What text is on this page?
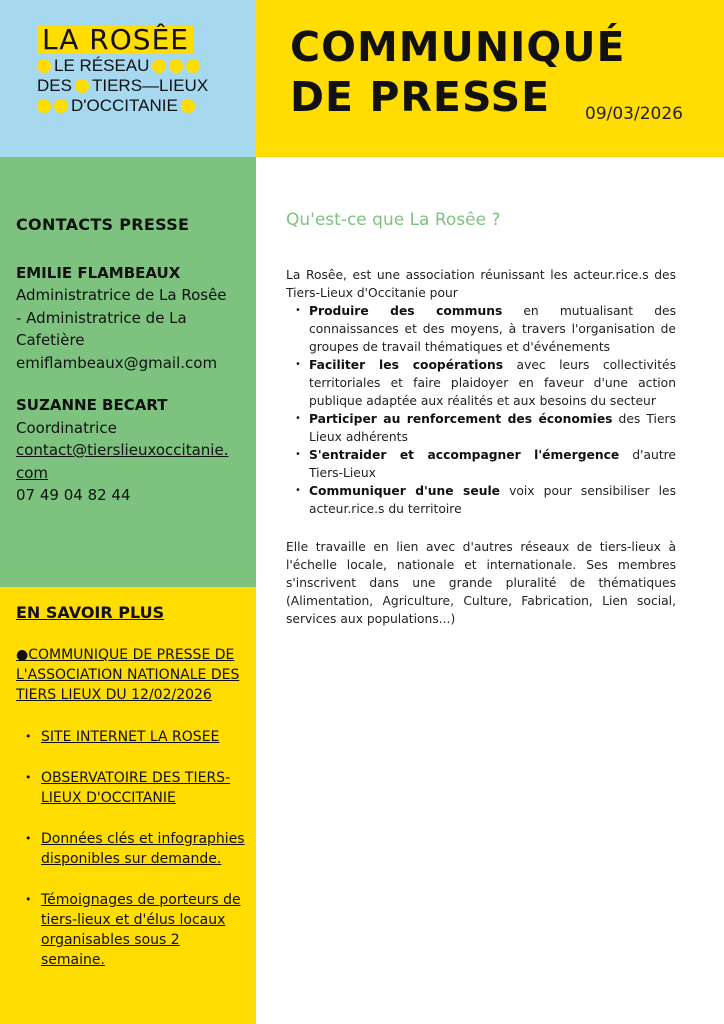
LA ROSÊE
LE RÉSEAU
DES TIERS—LIEUX
D'OCCITANIE
COMMUNIQUÉ
DE PRESSE	09/03/2026
CONTACTS PRESSE
EMILIE FLAMBEAUX
Administratrice de La Rosêe
- Administratrice de La
Cafetière
emiflambeaux@gmail.com
SUZANNE BECART
Coordinatrice
contact@tierslieuxoccitanie.
com
07 49 04 82 44
EN SAVOIR PLUS
●COMMUNIQUE DE PRESSE DE L'ASSOCIATION NATIONALE DES TIERS LIEUX DU 12/02/2026
• SITE INTERNET LA ROSEE
• OBSERVATOIRE DES TIERS-LIEUX D'OCCITANIE
• Données clés et infographies disponibles sur demande.
• Témoignages de porteurs de tiers-lieux et d'élus locaux organisables sous 2 semaine.
Qu'est-ce que La Rosêe ?

La Rosêe, est une association réunissant les acteur.rice.s des Tiers-Lieux d'Occitanie pour

• Produire des communs en mutualisant des connaissances et des moyens, à travers l'organisation de groupes de travail thématiques et d'événements
• Faciliter les coopérations avec leurs collectivités territoriales et faire plaidoyer en faveur d'une action publique adaptée aux réalités et aux besoins du secteur
• Participer au renforcement des économies des Tiers Lieux adhérents
• S'entraider et accompagner l'émergence d'autre Tiers-Lieux
• Communiquer d'une seule voix pour sensibiliser les acteur.rice.s du territoire

Elle travaille en lien avec d'autres réseaux de tiers-lieux à l'échelle locale, nationale et internationale. Ses membres s'inscrivent dans une grande pluralité de thématiques (Alimentation, Agriculture, Culture, Fabrication, Lien social, services aux populations...)
